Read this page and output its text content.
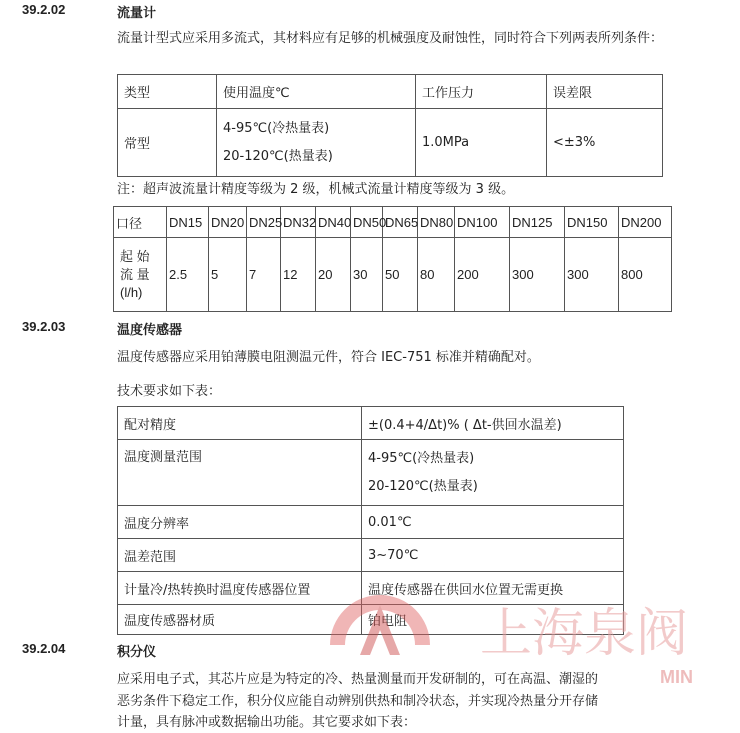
39.2.02	流量计
流量计型式应采用多流式，其材料应有足够的机械强度及耐蚀性，同时符合下列两表所列条件：
类型	使用温度℃	工作压力	误差限
常型	4-95℃(冷热量表)
20-120℃(热量表)	1.0MPa	<±3%
注：超声波流量计精度等级为 2 级，机械式流量计精度等级为 3 级。
口径	DN15	DN20	DN25	DN32	DN40	DN50	DN65	DN80	DN100	DN125	DN150	DN200

起 始
流 量
(l/h)	2.5	5	7	12	20	30	50	80	200	300	300	800
39.2.03	温度传感器
温度传感器应采用铂薄膜电阻测温元件，符合 IEC-751 标准并精确配对。
技术要求如下表：
配对精度	±(0.4+4/Δt)% ( Δt-供回水温差)
温度测量范围	4-95℃(冷热量表)
20-120℃(热量表)

温度分辨率	0.01℃
温差范围	3~70℃
计量冷/热转换时温度传感器位置	温度传感器在供回水位置无需更换
温度传感器材质	铂电阻 上海泉阀
MIN
39.2.04	积分仪
应采用电子式，其芯片应是为特定的冷、热量测量而开发研制的，可在高温、潮湿的
恶劣条件下稳定工作，积分仪应能自动辨别供热和制冷状态，并实现冷热量分开存储
计量，具有脉冲或数据输出功能。其它要求如下表：
